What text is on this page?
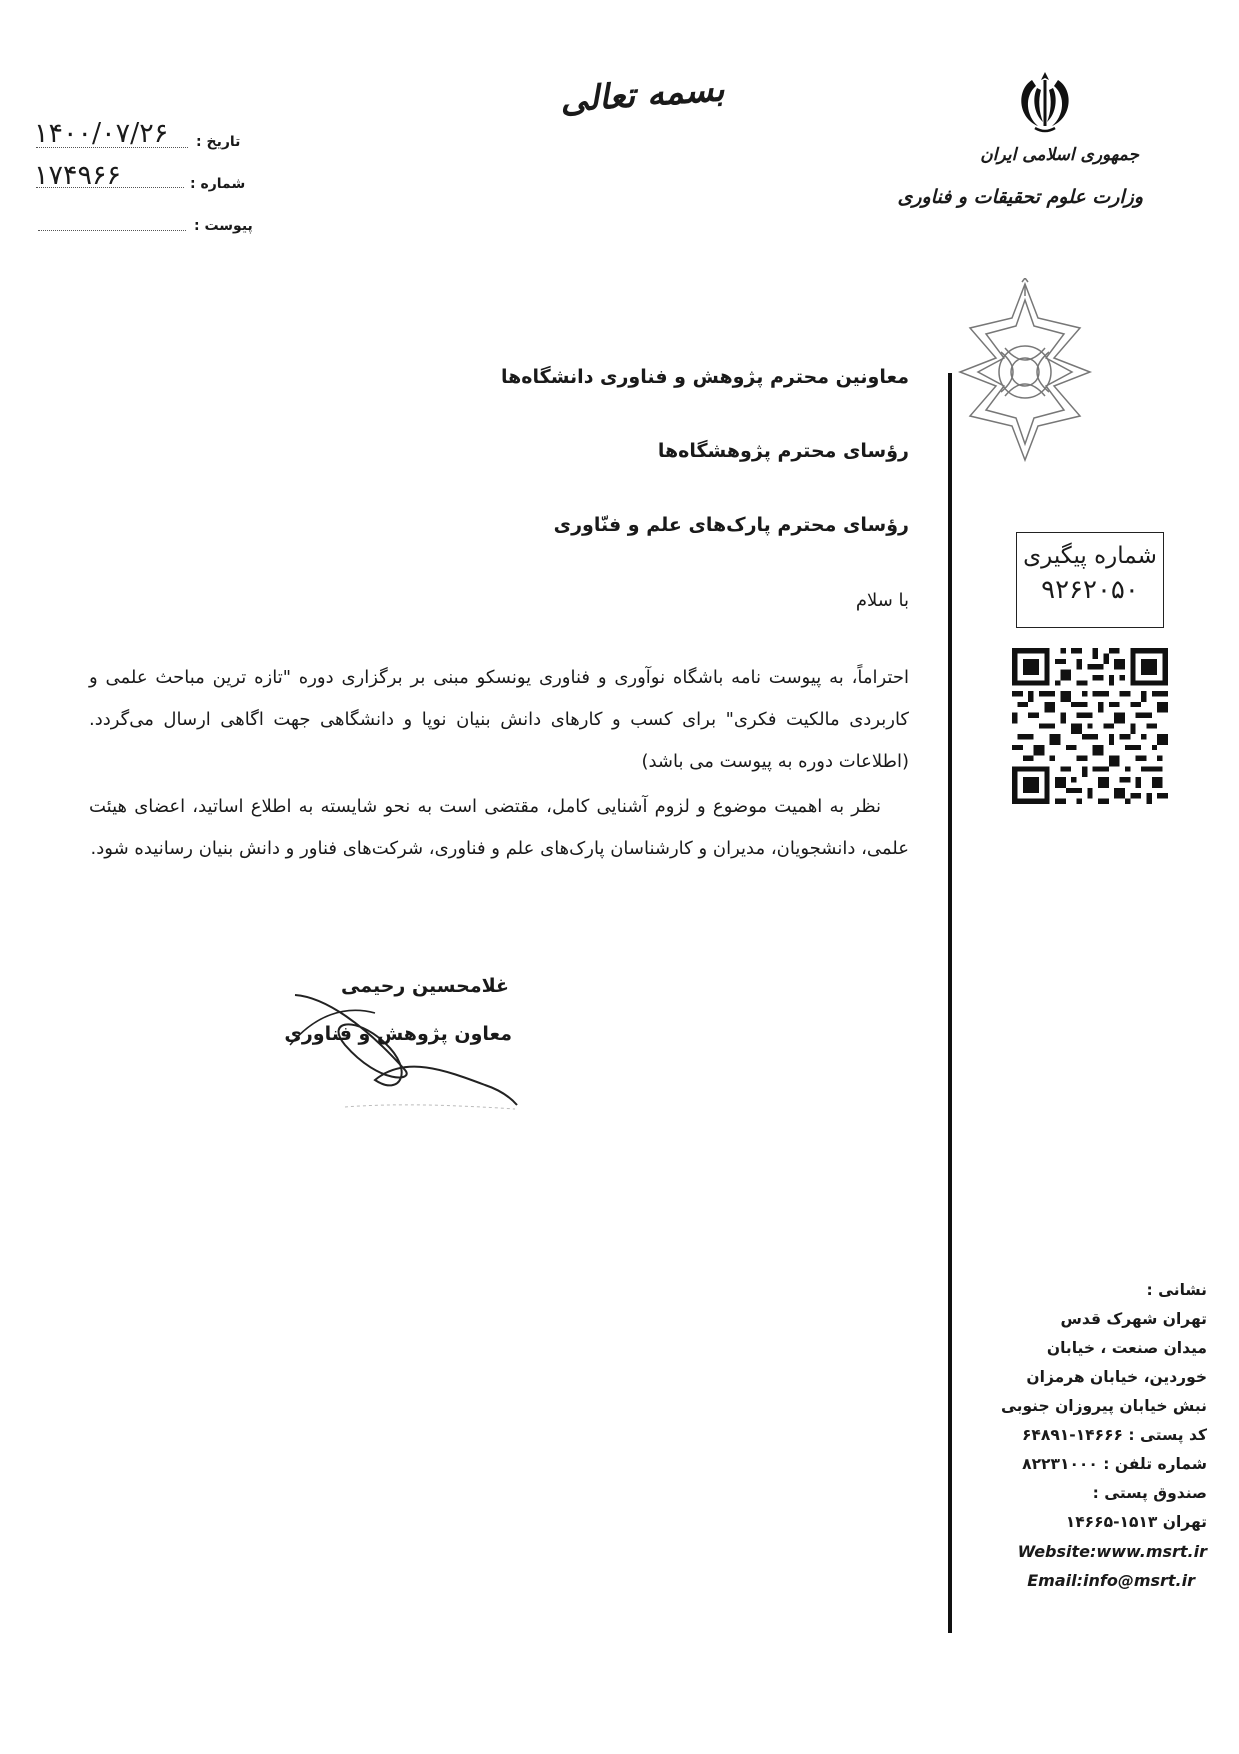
بسمه تعالی
تاریخ :
۱۴۰۰/۰۷/۲۶
شماره :
۱۷۴۹۶۶
پیوست :
جمهوری اسلامی ایران
وزارت علوم تحقیقات و فناوری
شماره پیگیری
۹۲۶۲۰۵۰
معاونین محترم پژوهش و فناوری دانشگاه‌ها
رؤسای محترم پژوهشگاه‌ها
رؤسای محترم پارک‌های علم و فنّاوری
با سلام

احتراماً، به پیوست نامه باشگاه نوآوری و فناوری یونسکو مبنی بر برگزاری دوره "تازه ترین مباحث علمی و کاربردی مالکیت فکری" برای کسب و کارهای دانش بنیان نوپا و دانشگاهی جهت اگاهی ارسال می‌گردد. (اطلاعات دوره به پیوست می باشد)

نظر به اهمیت موضوع و لزوم آشنایی کامل، مقتضی است به نحو شایسته به اطلاع اساتید، اعضای هیئت علمی، دانشجویان، مدیران و کارشناسان پارک‌های علم و فناوری، شرکت‌های فناور و دانش بنیان رسانیده شود.

غلامحسین رحیمی
معاون پژوهش و فناوری
نشانی :
تهران شهرک قدس
میدان صنعت ، خیابان
خوردین، خیابان هرمزان
نبش خیابان پیروزان جنوبی
کد پستی : ۱۴۶۶۶-۶۴۸۹۱
شماره تلفن : ۸۲۲۳۱۰۰۰
صندوق پستی :
تهران ۱۵۱۳-۱۴۶۶۵
Website:www.msrt.ir
Email:info@msrt.ir
